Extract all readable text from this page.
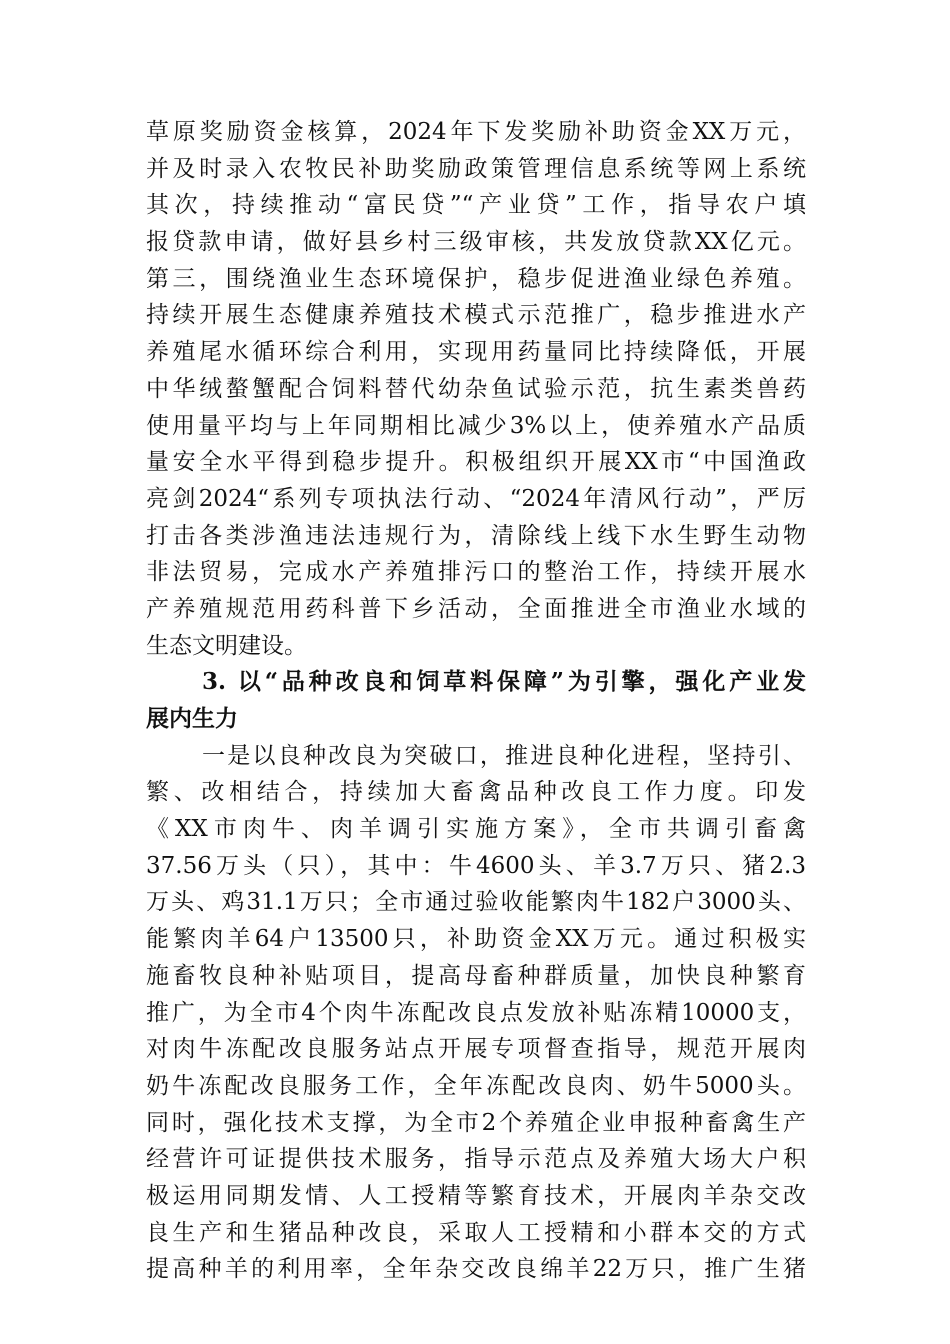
草原奖励资金核算，2024年下发奖励补助资金XX万元，
并及时录入农牧民补助奖励政策管理信息系统等网上系统
其次，持续推动“富民贷”“产业贷”工作，指导农户填
报贷款申请，做好县乡村三级审核，共发放贷款XX亿元。
第三，围绕渔业生态环境保护，稳步促进渔业绿色养殖。
持续开展生态健康养殖技术模式示范推广，稳步推进水产
养殖尾水循环综合利用，实现用药量同比持续降低，开展
中华绒螯蟹配合饲料替代幼杂鱼试验示范，抗生素类兽药
使用量平均与上年同期相比减少3%以上，使养殖水产品质
量安全水平得到稳步提升。积极组织开展XX市“中国渔政
亮剑2024“系列专项执法行动、“2024年清风行动”，严厉
打击各类涉渔违法违规行为，清除线上线下水生野生动物
非法贸易，完成水产养殖排污口的整治工作，持续开展水
产养殖规范用药科普下乡活动，全面推进全市渔业水域的
生态文明建设。
3. 以“品种改良和饲草料保障”为引擎，强化产业发
展内生力
一是以良种改良为突破口，推进良种化进程，坚持引、
繁、改相结合，持续加大畜禽品种改良工作力度。印发
《XX市肉牛、肉羊调引实施方案》，全市共调引畜禽
37.56万头（只），其中：牛4600头、羊3.7万只、猪2.3
万头、鸡31.1万只；全市通过验收能繁肉牛182户3000头、
能繁肉羊64户13500只，补助资金XX万元。通过积极实
施畜牧良种补贴项目，提高母畜种群质量，加快良种繁育
推广，为全市4个肉牛冻配改良点发放补贴冻精10000支，
对肉牛冻配改良服务站点开展专项督查指导，规范开展肉
奶牛冻配改良服务工作，全年冻配改良肉、奶牛5000头。
同时，强化技术支撑，为全市2个养殖企业申报种畜禽生产
经营许可证提供技术服务，指导示范点及养殖大场大户积
极运用同期发情、人工授精等繁育技术，开展肉羊杂交改
良生产和生猪品种改良，采取人工授精和小群本交的方式
提高种羊的利用率，全年杂交改良绵羊22万只，推广生猪
